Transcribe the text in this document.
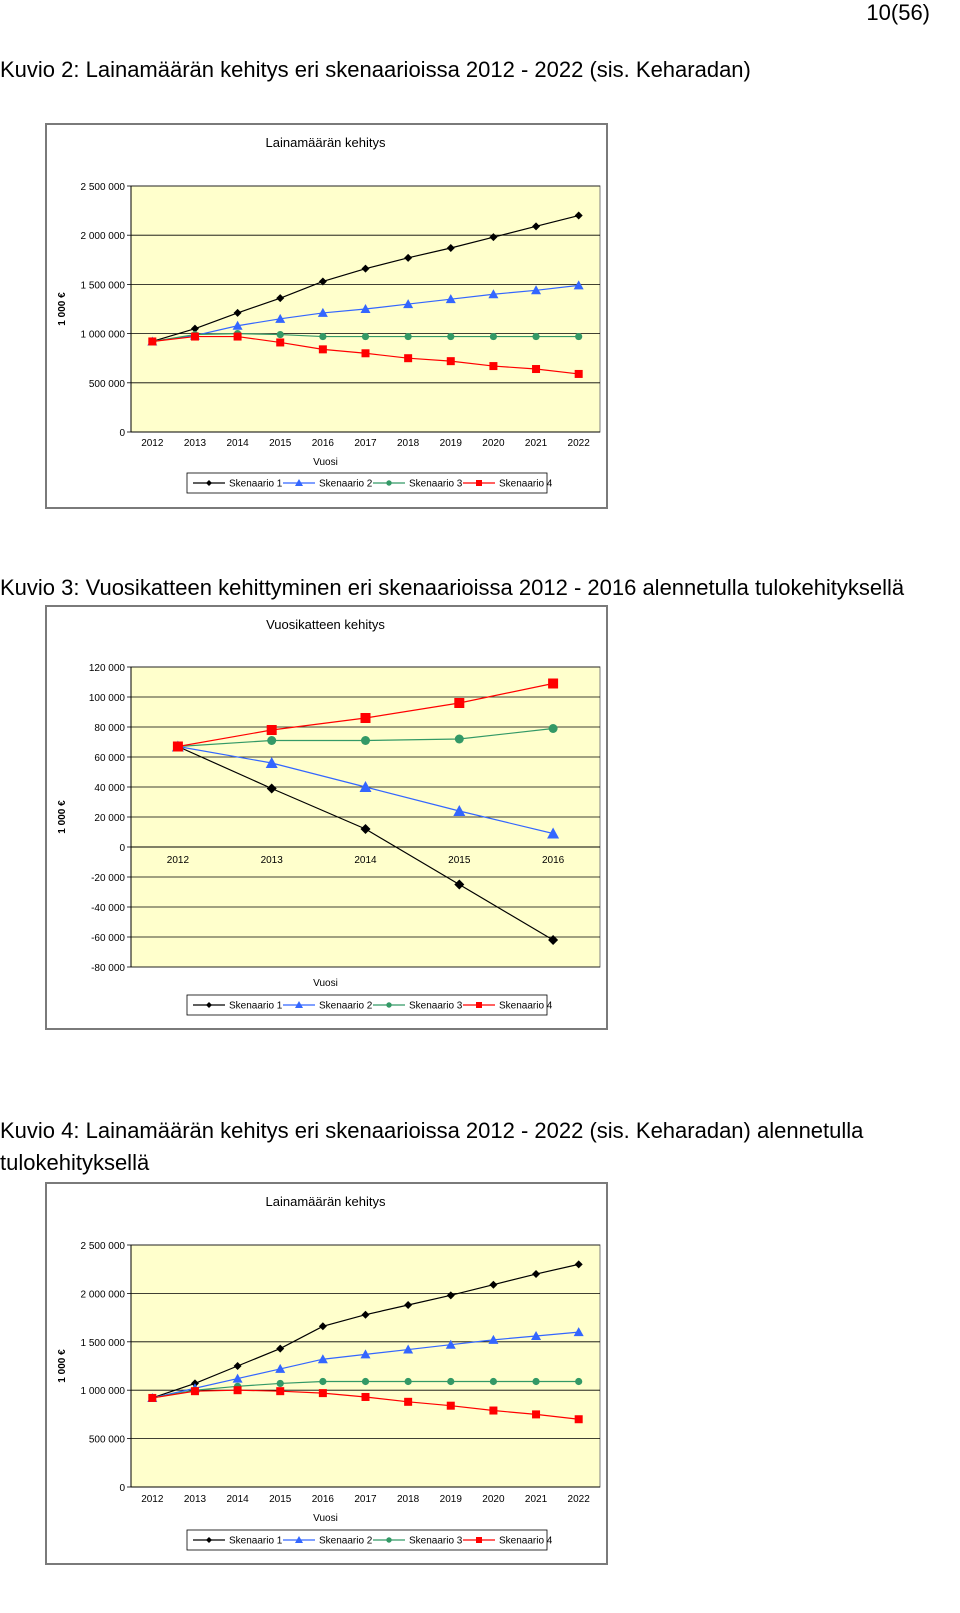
10(56)
Kuvio 2: Lainamäärän kehitys eri skenaarioissa 2012 - 2022 (sis. Keharadan)
Lainamäärän kehitys
0
500 000
1 000 000
1 500 000
2 000 000
2 500 000
2012 2013 2014 2015 2016 2017 2018 2019 2020 2021 2022
Vuosi
1 000 €
Skenaario 1	Skenaario 2	Skenaario 3	Skenaario 4
Kuvio 3: Vuosikatteen kehittyminen eri skenaarioissa 2012 - 2016 alennetulla tulokehityksellä
Vuosikatteen kehitys
-80 000
-60 000
-40 000
-20 000
0
20 000
40 000
60 000
80 000
100 000
120 000
2012	2013	2014	2015	2016
Vuosi
1 000 €
Skenaario 1	Skenaario 2	Skenaario 3	Skenaario 4
Kuvio 4: Lainamäärän kehitys eri skenaarioissa 2012 - 2022 (sis. Keharadan) alennetulla tulokehityksellä
Lainamäärän kehitys
0
500 000
1 000 000
1 500 000
2 000 000
2 500 000
2012 2013 2014 2015 2016 2017 2018 2019 2020 2021 2022
Vuosi
1 000 €
Skenaario 1	Skenaario 2	Skenaario 3	Skenaario 4
